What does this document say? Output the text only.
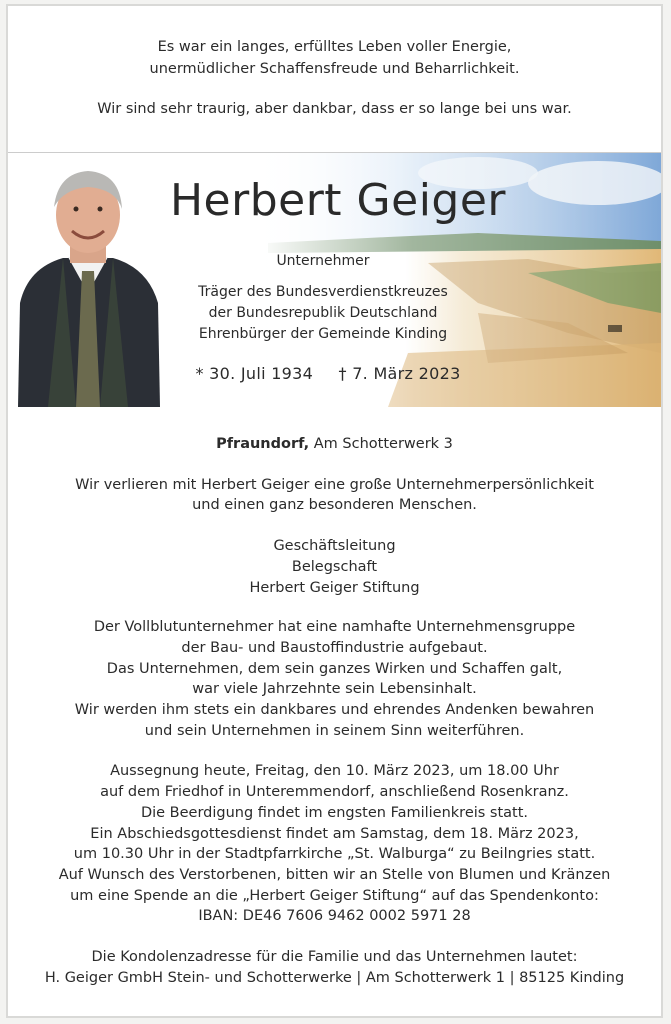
Es war ein langes, erfülltes Leben voller Energie,

unermüdlicher Schaffensfreude und Beharrlichkeit.

Wir sind sehr traurig, aber dankbar, dass er so lange bei uns war.

Herbert Geiger

Unternehmer

Träger des Bundesverdienstkreuzes

der Bundesrepublik Deutschland

Ehrenbürger der Gemeinde Kinding

* 30. Juli 1934 † 7. März 2023

Pfraundorf, Am Schotterwerk 3

Wir verlieren mit Herbert Geiger eine große Unternehmerpersönlichkeit

und einen ganz besonderen Menschen.

Geschäftsleitung

Belegschaft

Herbert Geiger Stiftung

Der Vollblutunternehmer hat eine namhafte Unternehmensgruppe

der Bau- und Baustoffindustrie aufgebaut.

Das Unternehmen, dem sein ganzes Wirken und Schaffen galt,

war viele Jahrzehnte sein Lebensinhalt.

Wir werden ihm stets ein dankbares und ehrendes Andenken bewahren

und sein Unternehmen in seinem Sinn weiterführen.

Aussegnung heute, Freitag, den 10. März 2023, um 18.00 Uhr

auf dem Friedhof in Unteremmendorf, anschließend Rosenkranz.

Die Beerdigung findet im engsten Familienkreis statt.

Ein Abschiedsgottesdienst findet am Samstag, dem 18. März 2023,

um 10.30 Uhr in der Stadtpfarrkirche „St. Walburga“ zu Beilngries statt.

Auf Wunsch des Verstorbenen, bitten wir an Stelle von Blumen und Kränzen

um eine Spende an die „Herbert Geiger Stiftung“ auf das Spendenkonto:

IBAN: DE46 7606 9462 0002 5971 28

Die Kondolenzadresse für die Familie und das Unternehmen lautet:

H. Geiger GmbH Stein- und Schotterwerke | Am Schotterwerk 1 | 85125 Kinding
